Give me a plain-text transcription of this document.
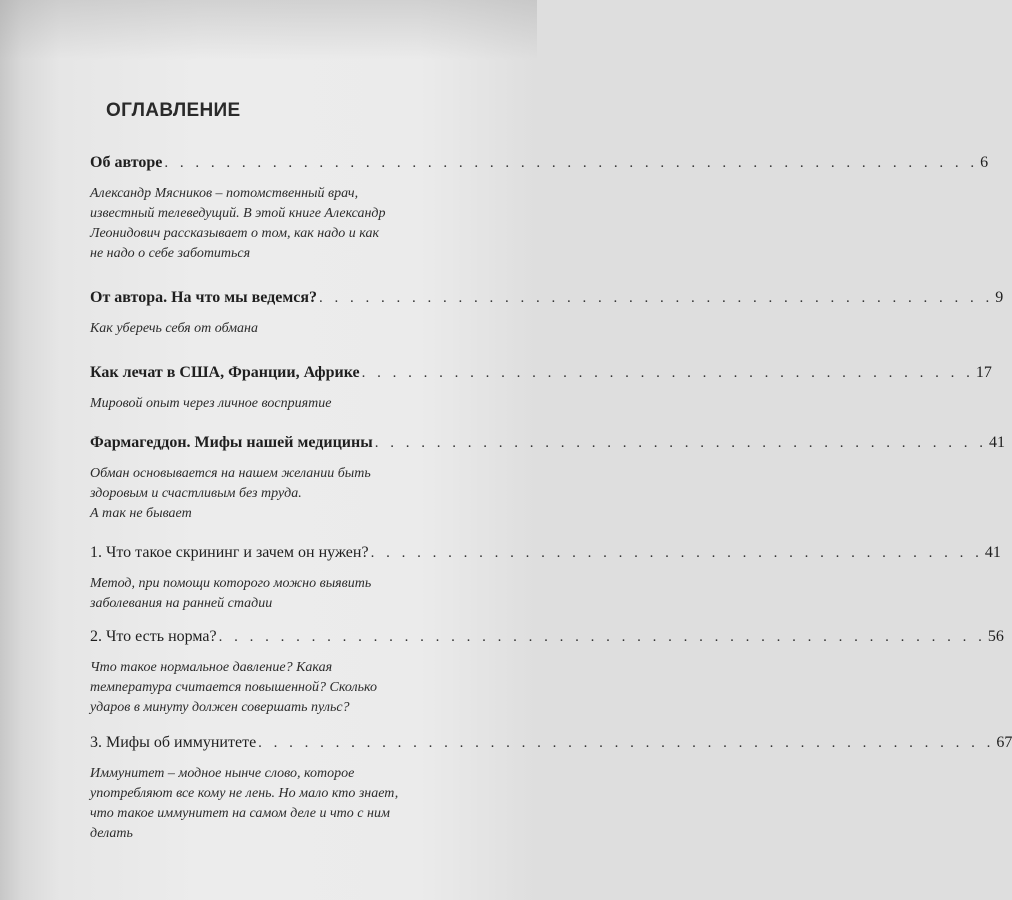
ОГЛАВЛЕНИЕ
Об авторе . . . . . . . . . . . . . . . . . . . . . . . . . . . . . . . . . . . . . . . . . . . . . . . . . . . . . 6
Александр Мясников – потомственный врач,
известный телеведущий. В этой книге Александр
Леонидович рассказывает о том, как надо и как
не надо о себе заботиться
От автора. На что мы ведемся? . . . . . . . . . . . . . . . . . . . . . . . . . . . . . . . . . . . . . . . . . . . . 9
Как уберечь себя от обмана
Как лечат в США, Франции, Африке . . . . . . . . . . . . . . . . . . . . . . . . . . . . . . . . . . . . . . . . 17
Мировой опыт через личное восприятие
Фармагеддон. Мифы нашей медицины . . . . . . . . . . . . . . . . . . . . . . . . . . . . . . . . . . . . . . . . 41
Обман основывается на нашем желании быть
здоровым и счастливым без труда.
А так не бывает
1. Что такое скрининг и зачем он нужен? . . . . . . . . . . . . . . . . . . . . . . . . . . . . . . . . . . . . . . . . 41
Метод, при помощи которого можно выявить
заболевания на ранней стадии
2. Что есть норма? . . . . . . . . . . . . . . . . . . . . . . . . . . . . . . . . . . . . . . . . . . . . . . . . . . 56
Что такое нормальное давление? Какая
температура считается повышенной? Сколько
ударов в минуту должен совершать пульс?
3. Мифы об иммунитете . . . . . . . . . . . . . . . . . . . . . . . . . . . . . . . . . . . . . . . . . . . . . . . . 67
Иммунитет – модное нынче слово, которое
употребляют все кому не лень. Но мало кто знает,
что такое иммунитет на самом деле и что с ним
делать
